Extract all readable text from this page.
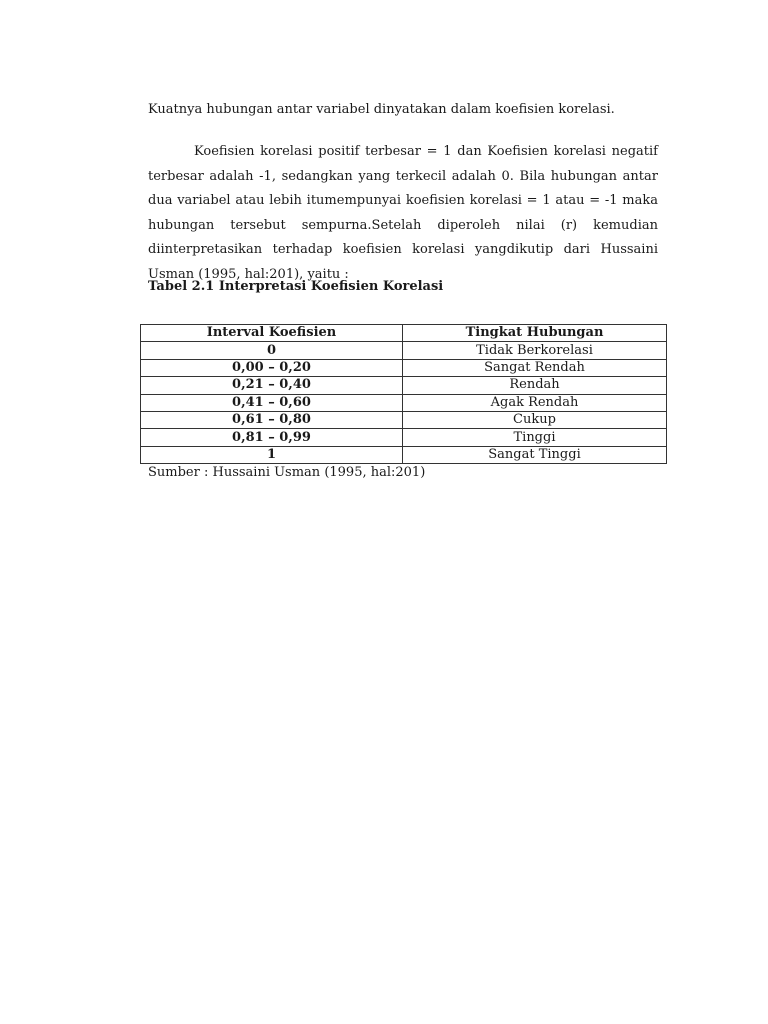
Kuatnya hubungan antar variabel dinyatakan dalam koefisien korelasi.

Koefisien korelasi positif terbesar = 1 dan Koefisien korelasi negatif terbesar adalah -1, sedangkan yang terkecil adalah 0. Bila hubungan antar dua variabel atau lebih itumempunyai koefisien korelasi = 1 atau = -1 maka hubungan tersebut sempurna.Setelah diperoleh nilai (r) kemudian diinterpretasikan terhadap koefisien korelasi yangdikutip dari Hussaini Usman (1995, hal:201), yaitu :

Tabel 2.1 Interpretasi Koefisien Korelasi
Interval Koefisien	Tingkat Hubungan
0	Tidak Berkorelasi
0,00 – 0,20	Sangat Rendah
0,21 – 0,40	Rendah
0,41 – 0,60	Agak Rendah
0,61 – 0,80	Cukup
0,81 – 0,99	Tinggi
1	Sangat Tinggi
Sumber : Hussaini Usman (1995, hal:201)
